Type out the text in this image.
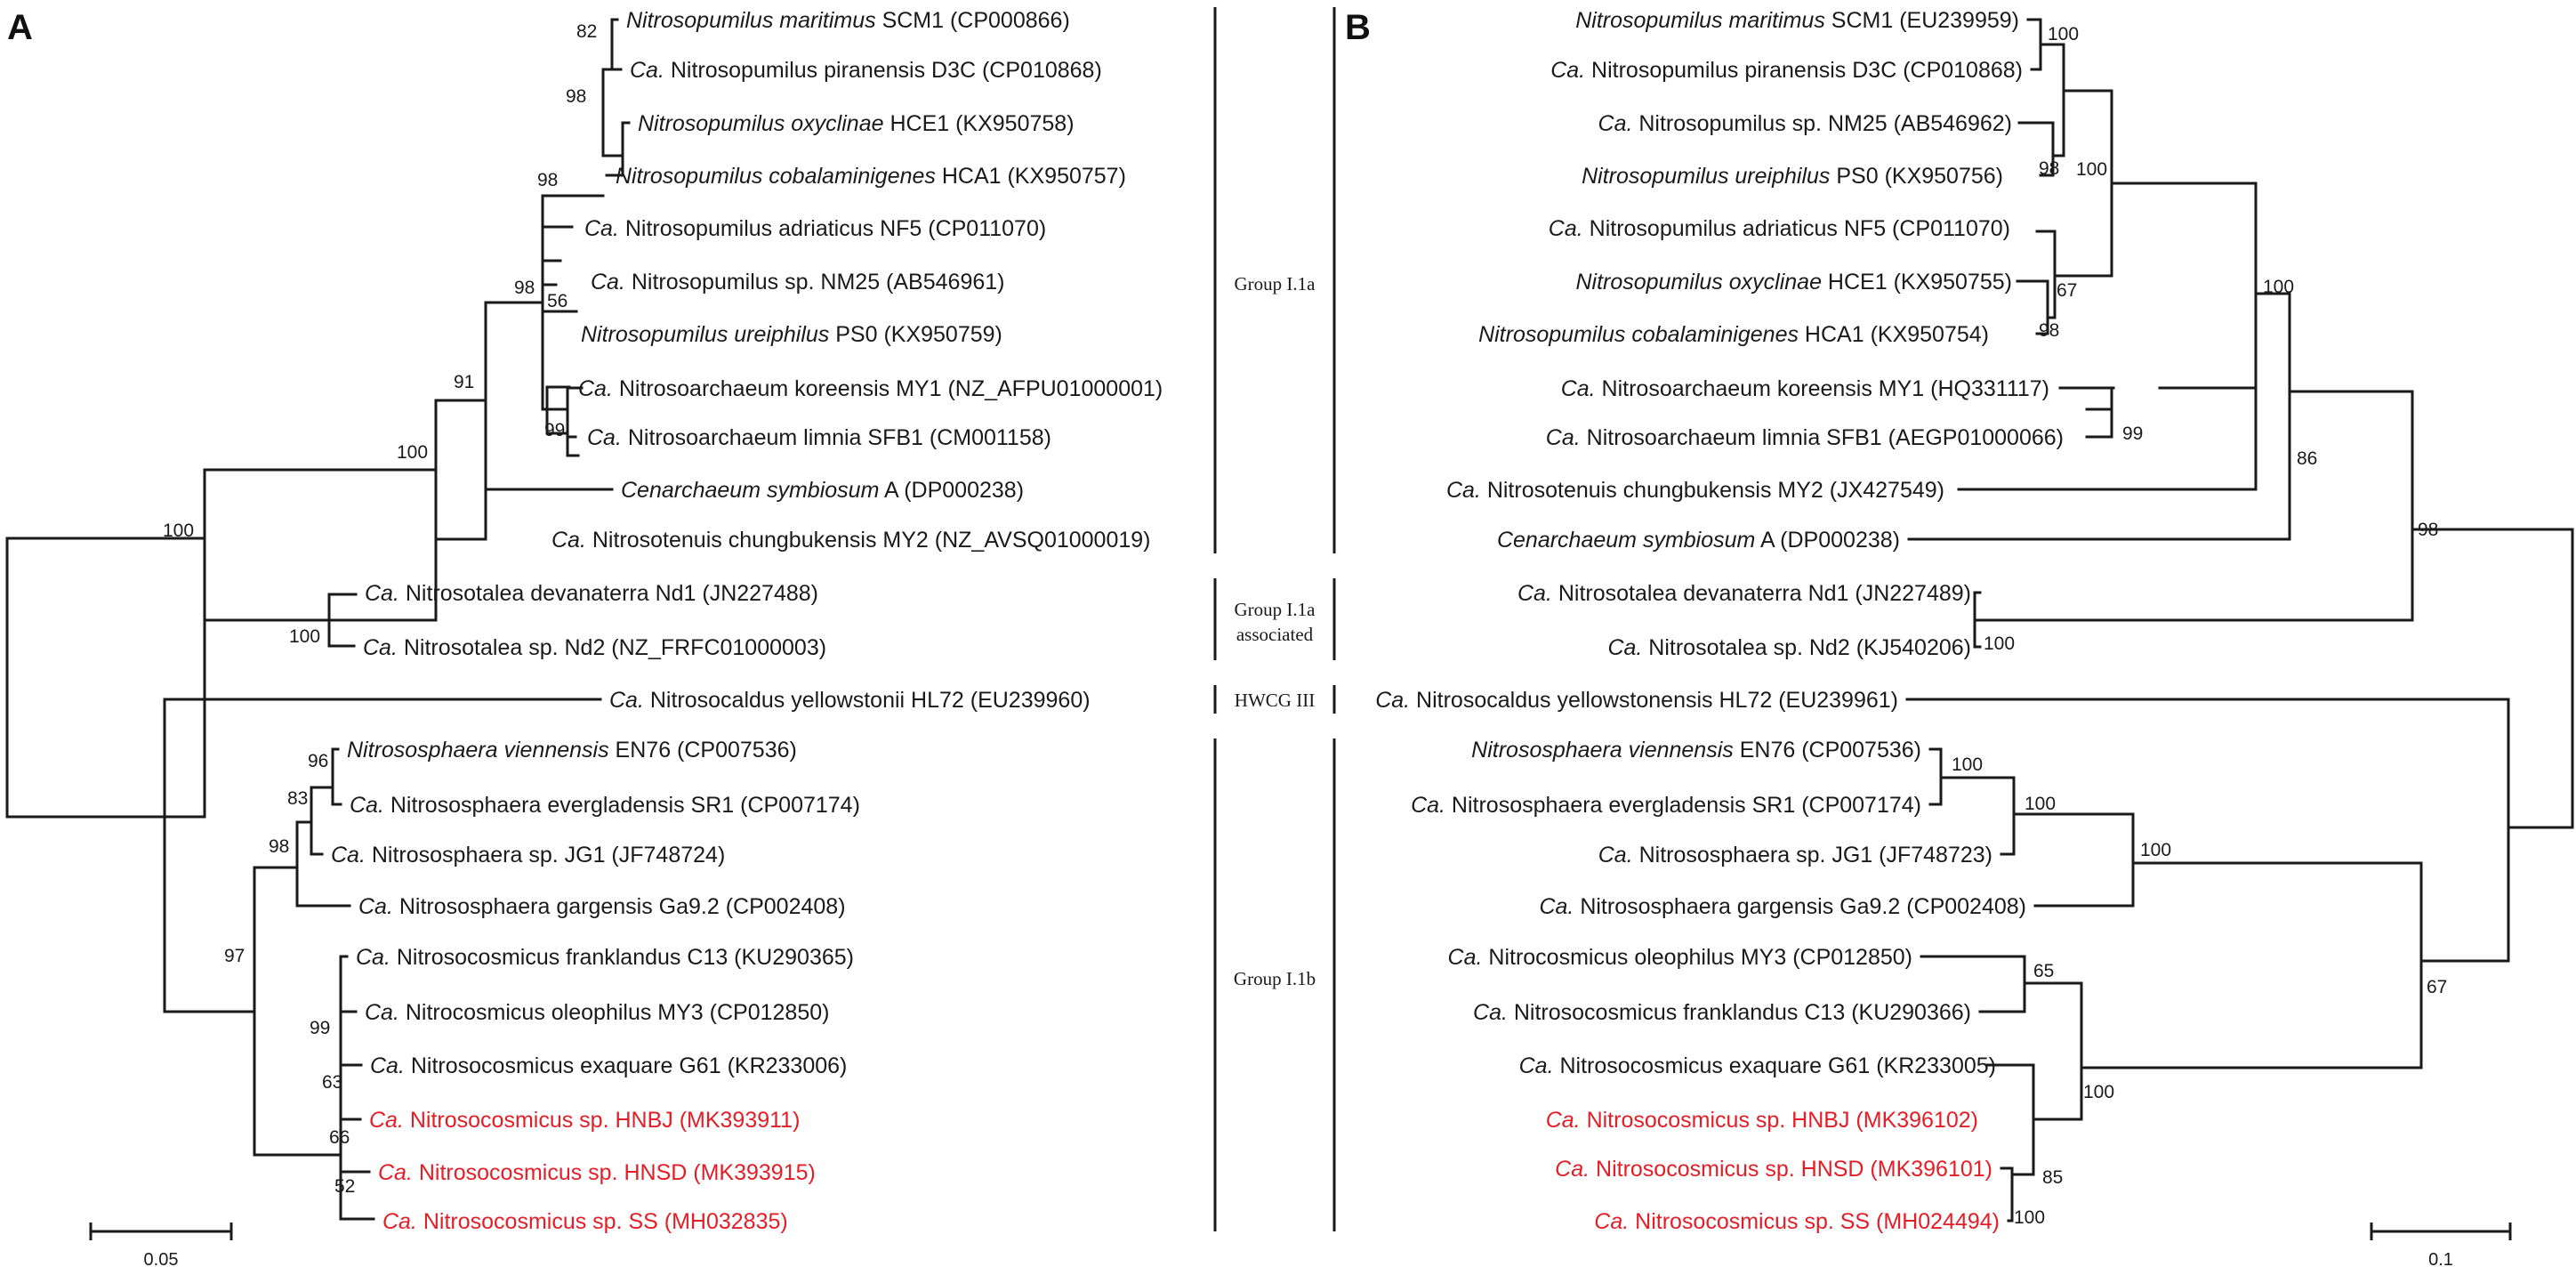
A	B
Nitrosopumilus maritimus SCM1 (CP000866)
Ca. Nitrosopumilus piranensis D3C (CP010868)
Nitrosopumilus oxyclinae HCE1 (KX950758)
Nitrosopumilus cobalaminigenes HCA1 (KX950757)
Ca. Nitrosopumilus adriaticus NF5 (CP011070)
Ca. Nitrosopumilus sp. NM25 (AB546961)
Nitrosopumilus ureiphilus PS0 (KX950759)
Ca. Nitrosoarchaeum koreensis MY1 (NZ_AFPU01000001)
Ca. Nitrosoarchaeum limnia SFB1 (CM001158)
Cenarchaeum symbiosum A (DP000238)
Ca. Nitrosotenuis chungbukensis MY2 (NZ_AVSQ01000019)
Ca. Nitrosotalea devanaterra Nd1 (JN227488)
Ca. Nitrosotalea sp. Nd2 (NZ_FRFC01000003)
Ca. Nitrosocaldus yellowstonii HL72 (EU239960)
Nitrososphaera viennensis EN76 (CP007536)
Ca. Nitrososphaera evergladensis SR1 (CP007174)
Ca. Nitrososphaera sp. JG1 (JF748724)
Ca. Nitrososphaera gargensis Ga9.2 (CP002408)
Ca. Nitrosocosmicus franklandus C13 (KU290365)
Ca. Nitrocosmicus oleophilus MY3 (CP012850)
Ca. Nitrosocosmicus exaquare G61 (KR233006)
Ca. Nitrosocosmicus sp. HNBJ (MK393911)
Ca. Nitrosocosmicus sp. HNSD (MK393915)
Ca. Nitrosocosmicus sp. SS (MH032835)
82
98
98
98
56
91
99
100
100
100
96
83
98
97
99
63
66
52
0.05
Group I.1a
Group I.1a
associated
HWCG III
Group I.1b
Nitrosopumilus maritimus SCM1 (EU239959)
Ca. Nitrosopumilus piranensis D3C (CP010868)
Ca. Nitrosopumilus sp. NM25 (AB546962)
Nitrosopumilus ureiphilus PS0 (KX950756)
Ca. Nitrosopumilus adriaticus NF5 (CP011070)
Nitrosopumilus oxyclinae HCE1 (KX950755)
Nitrosopumilus cobalaminigenes HCA1 (KX950754)
Ca. Nitrosoarchaeum koreensis MY1 (HQ331117)
Ca. Nitrosoarchaeum limnia SFB1 (AEGP01000066)
Ca. Nitrosotenuis chungbukensis MY2 (JX427549)
Cenarchaeum symbiosum A (DP000238)
Ca. Nitrosotalea devanaterra Nd1 (JN227489)
Ca. Nitrosotalea sp. Nd2 (KJ540206)
Ca. Nitrosocaldus yellowstonensis HL72 (EU239961)
Nitrososphaera viennensis EN76 (CP007536)
Ca. Nitrososphaera evergladensis SR1 (CP007174)
Ca. Nitrososphaera sp. JG1 (JF748723)
Ca. Nitrososphaera gargensis Ga9.2 (CP002408)
Ca. Nitrocosmicus oleophilus MY3 (CP012850)
Ca. Nitrosocosmicus franklandus C13 (KU290366)
Ca. Nitrosocosmicus exaquare G61 (KR233005)
Ca. Nitrosocosmicus sp. HNBJ (MK396102)
Ca. Nitrosocosmicus sp. HNSD (MK396101)
Ca. Nitrosocosmicus sp. SS (MH024494)
100
98
67
100
98
100
99
86
98
100
100
100
100
65
85
100
100
67
0.1
